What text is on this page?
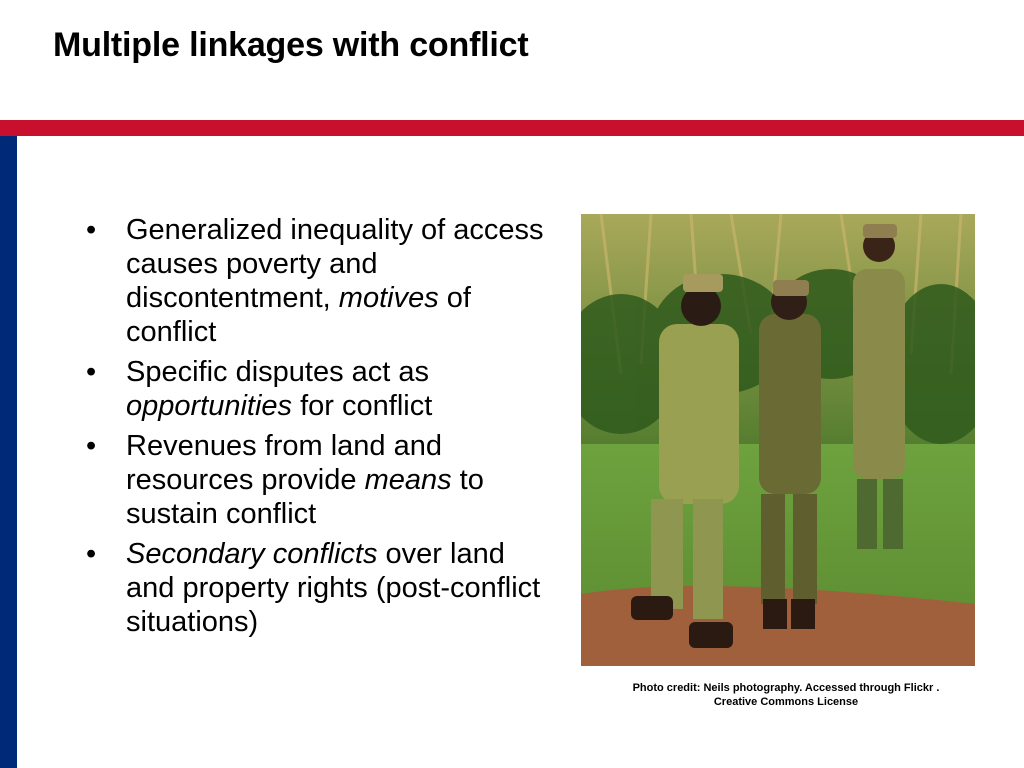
Multiple linkages with conflict
•	Generalized inequality of access causes poverty and discontentment, motives of conflict
•	Specific disputes act as opportunities for conflict
•	Revenues from land and resources provide means to sustain conflict
•	Secondary conflicts over land and property rights (post-conflict situations)
Photo credit: Neils photography. Accessed through Flickr .
Creative Commons License
